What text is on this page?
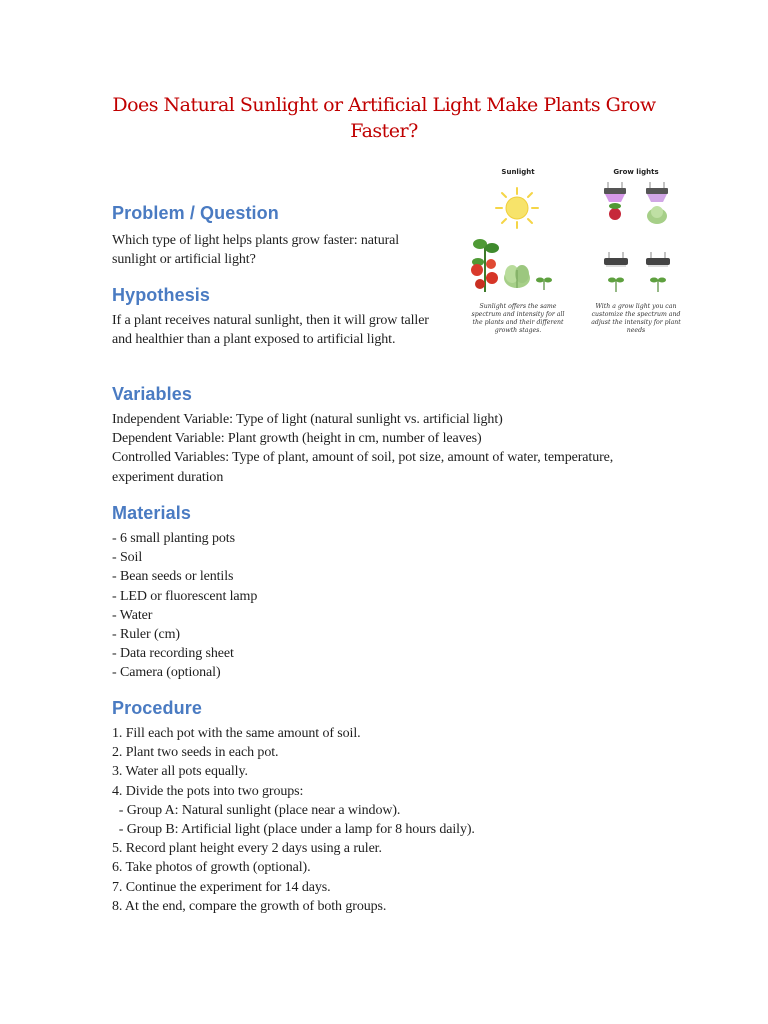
Does Natural Sunlight or Artificial Light Make Plants Grow Faster?
Sunlight
Sunlight offers the same spectrum and intensity for all the plants and their different growth stages.
Grow lights
With a grow light you can customize the spectrum and adjust the intensity for plant needs
Problem / Question
Which type of light helps plants grow faster: natural sunlight or artificial light?
Hypothesis
If a plant receives natural sunlight, then it will grow taller and healthier than a plant exposed to artificial light.
Variables
Independent Variable: Type of light (natural sunlight vs. artificial light)
Dependent Variable: Plant growth (height in cm, number of leaves)
Controlled Variables: Type of plant, amount of soil, pot size, amount of water, temperature,
experiment duration
Materials
- 6 small planting pots
- Soil
- Bean seeds or lentils
- LED or fluorescent lamp
- Water
- Ruler (cm)
- Data recording sheet
- Camera (optional)
Procedure
1. Fill each pot with the same amount of soil.
2. Plant two seeds in each pot.
3. Water all pots equally.
4. Divide the pots into two groups:
- Group A: Natural sunlight (place near a window).
- Group B: Artificial light (place under a lamp for 8 hours daily).
5. Record plant height every 2 days using a ruler.
6. Take photos of growth (optional).
7. Continue the experiment for 14 days.
8. At the end, compare the growth of both groups.
